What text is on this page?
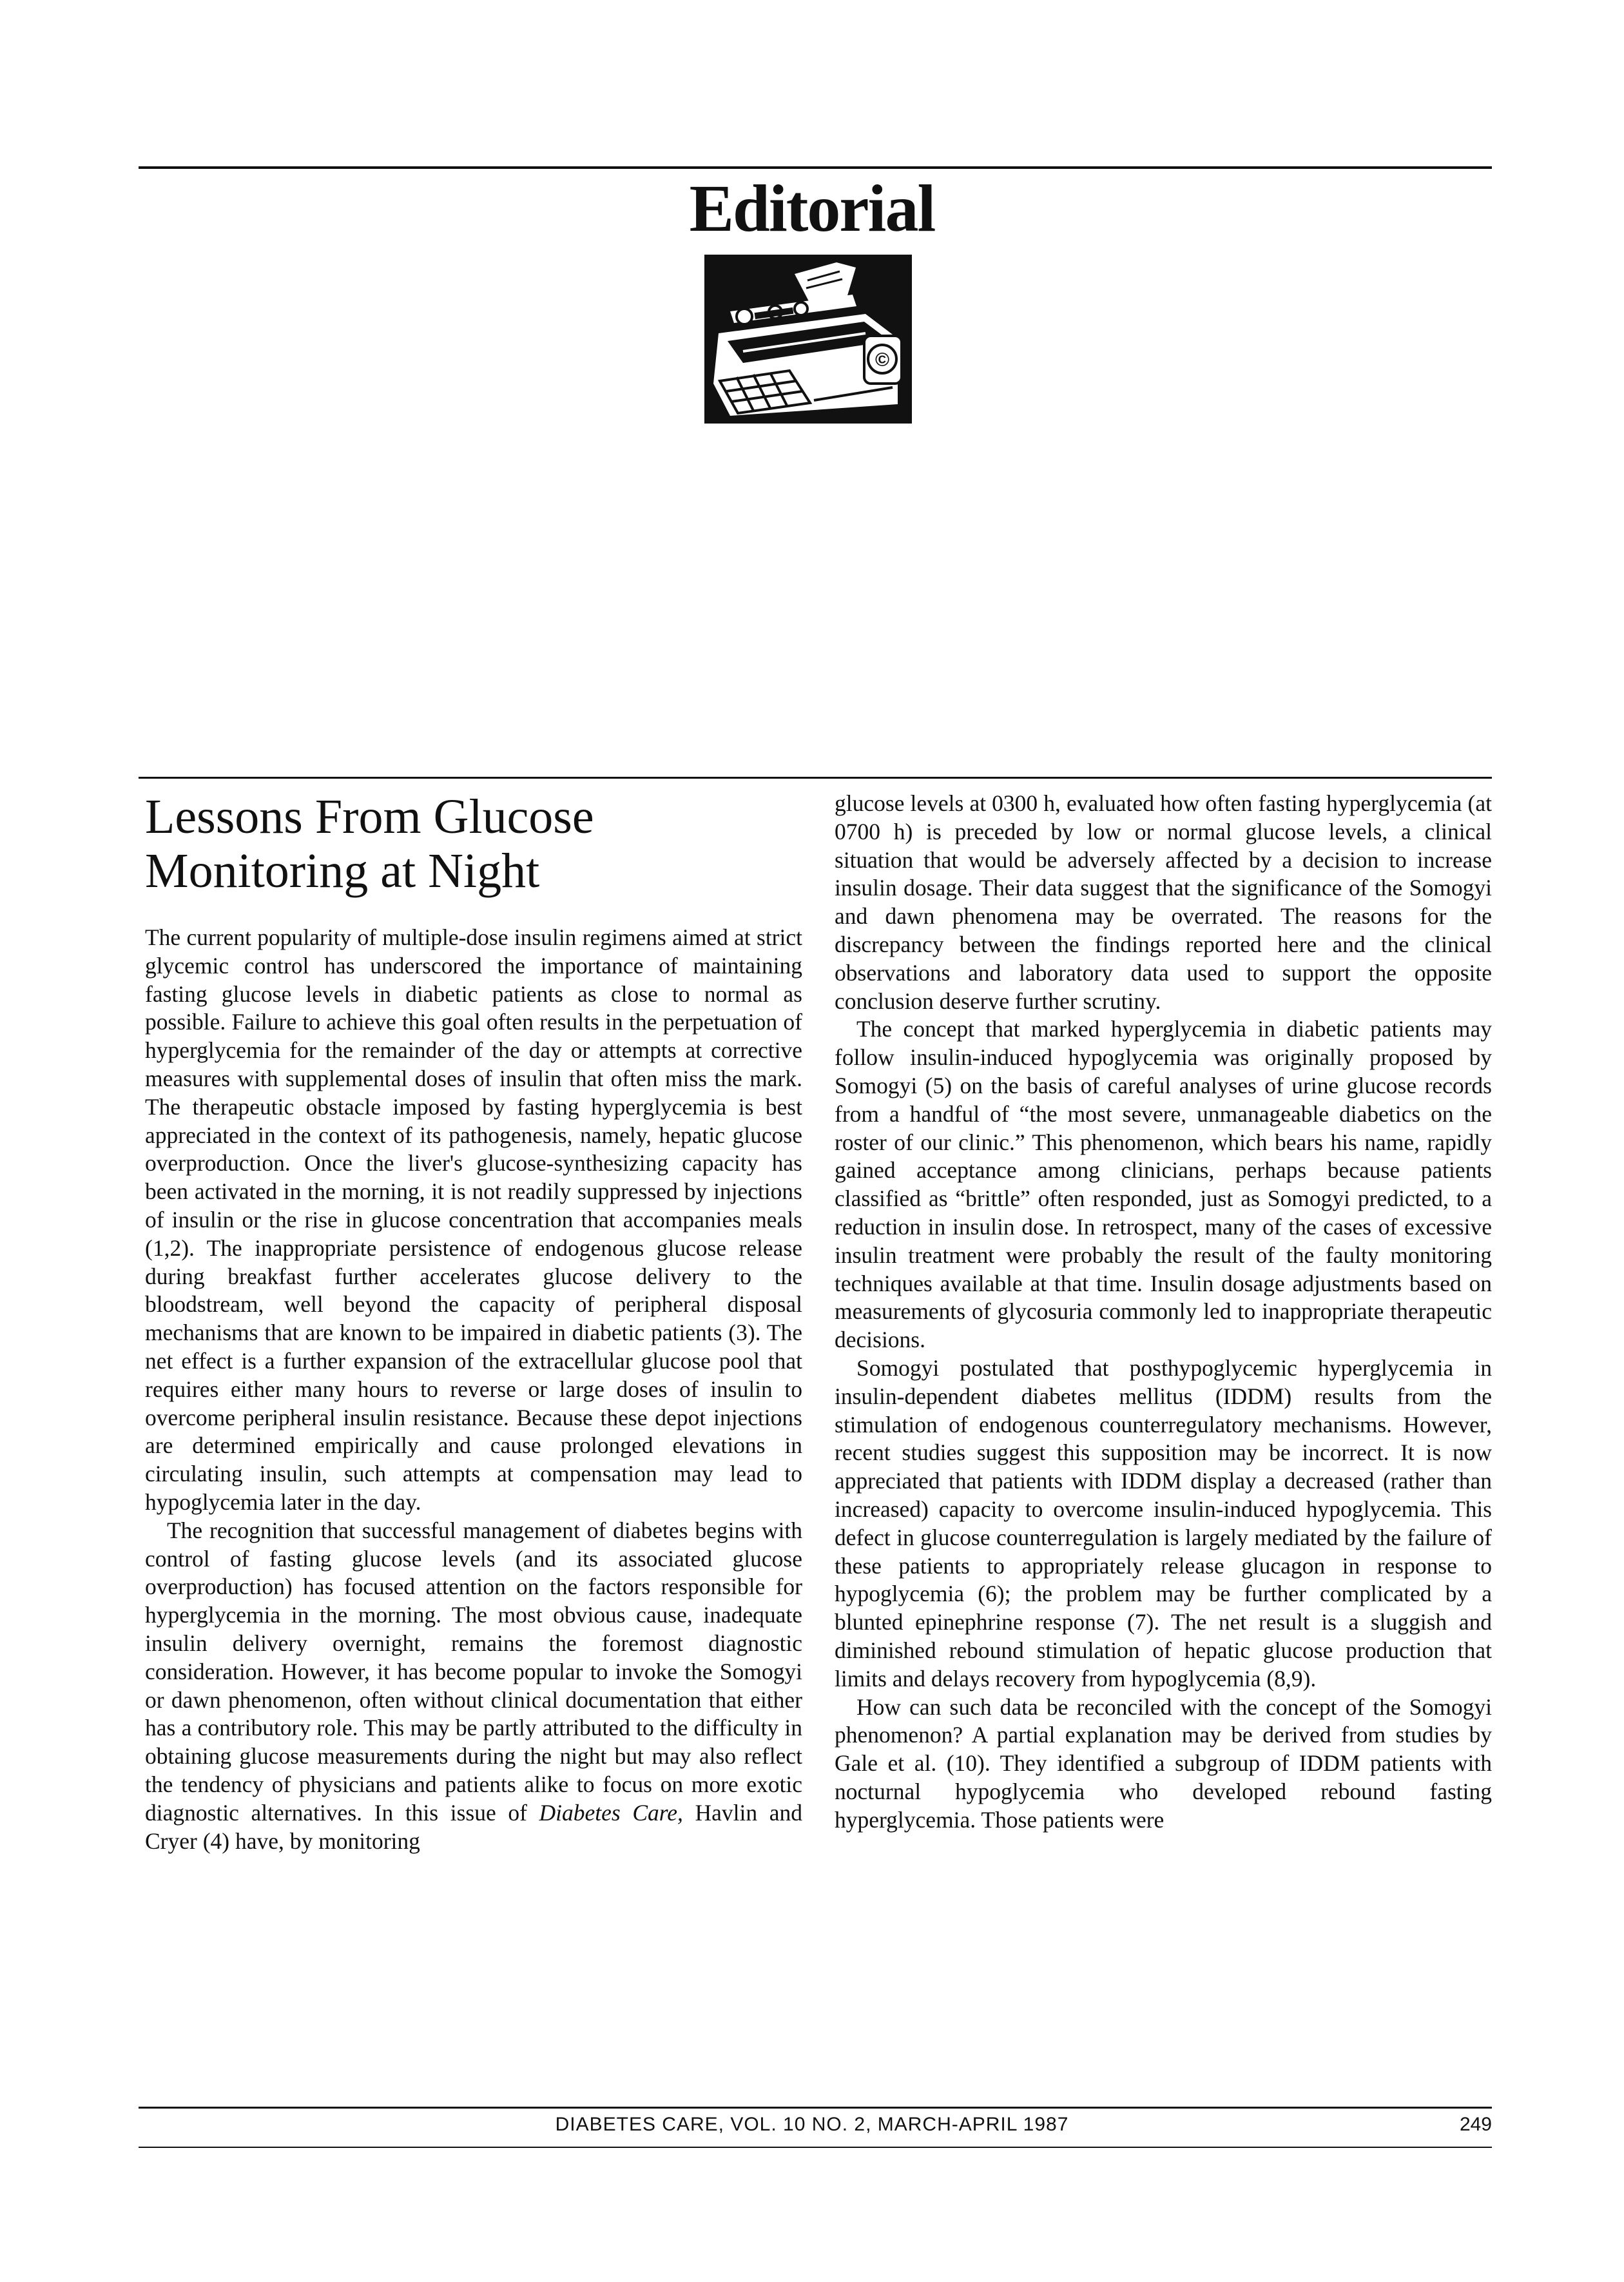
Editorial
©
Lessons From Glucose
Monitoring at Night

The current popularity of multiple-dose insulin regimens aimed at strict glycemic control has underscored the importance of maintaining fasting glucose levels in diabetic patients as close to normal as possible. Failure to achieve this goal often results in the perpetuation of hyperglycemia for the remainder of the day or attempts at corrective measures with supplemental doses of insulin that often miss the mark. The therapeutic obstacle imposed by fasting hyperglycemia is best appreciated in the context of its pathogenesis, namely, hepatic glucose overproduction. Once the liver's glucose-synthesizing capacity has been activated in the morning, it is not readily suppressed by injections of insulin or the rise in glucose concentration that accompanies meals (1,2). The inappropriate persistence of endogenous glucose release during breakfast further accelerates glucose delivery to the bloodstream, well beyond the capacity of peripheral disposal mechanisms that are known to be impaired in diabetic patients (3). The net effect is a further expansion of the extracellular glucose pool that requires either many hours to reverse or large doses of insulin to overcome peripheral insulin resistance. Because these depot injections are determined empirically and cause prolonged elevations in circulating insulin, such attempts at compensation may lead to hypoglycemia later in the day.

The recognition that successful management of diabetes begins with control of fasting glucose levels (and its associated glucose overproduction) has focused attention on the factors responsible for hyperglycemia in the morning. The most obvious cause, inadequate insulin delivery overnight, remains the foremost diagnostic consideration. However, it has become popular to invoke the Somogyi or dawn phenomenon, often without clinical documentation that either has a contributory role. This may be partly attributed to the difficulty in obtaining glucose measurements during the night but may also reflect the tendency of physicians and patients alike to focus on more exotic diagnostic alternatives. In this issue of Diabetes Care, Havlin and Cryer (4) have, by monitoring

glucose levels at 0300 h, evaluated how often fasting hyperglycemia (at 0700 h) is preceded by low or normal glucose levels, a clinical situation that would be adversely affected by a decision to increase insulin dosage. Their data suggest that the significance of the Somogyi and dawn phenomena may be overrated. The reasons for the discrepancy between the findings reported here and the clinical observations and laboratory data used to support the opposite conclusion deserve further scrutiny.

The concept that marked hyperglycemia in diabetic patients may follow insulin-induced hypoglycemia was originally proposed by Somogyi (5) on the basis of careful analyses of urine glucose records from a handful of “the most severe, unmanageable diabetics on the roster of our clinic.” This phenomenon, which bears his name, rapidly gained acceptance among clinicians, perhaps because patients classified as “brittle” often responded, just as Somogyi predicted, to a reduction in insulin dose. In retrospect, many of the cases of excessive insulin treatment were probably the result of the faulty monitoring techniques available at that time. Insulin dosage adjustments based on measurements of glycosuria commonly led to inappropriate therapeutic decisions.

Somogyi postulated that posthypoglycemic hyperglycemia in insulin-dependent diabetes mellitus (IDDM) results from the stimulation of endogenous counterregulatory mechanisms. However, recent studies suggest this supposition may be incorrect. It is now appreciated that patients with IDDM display a decreased (rather than increased) capacity to overcome insulin-induced hypoglycemia. This defect in glucose counterregulation is largely mediated by the failure of these patients to appropriately release glucagon in response to hypoglycemia (6); the problem may be further complicated by a blunted epinephrine response (7). The net result is a sluggish and diminished rebound stimulation of hepatic glucose production that limits and delays recovery from hypoglycemia (8,9).

How can such data be reconciled with the concept of the Somogyi phenomenon? A partial explanation may be derived from studies by Gale et al. (10). They identified a subgroup of IDDM patients with nocturnal hypoglycemia who developed rebound fasting hyperglycemia. Those patients were

DIABETES CARE, VOL. 10 NO. 2, MARCH-APRIL 1987	249
